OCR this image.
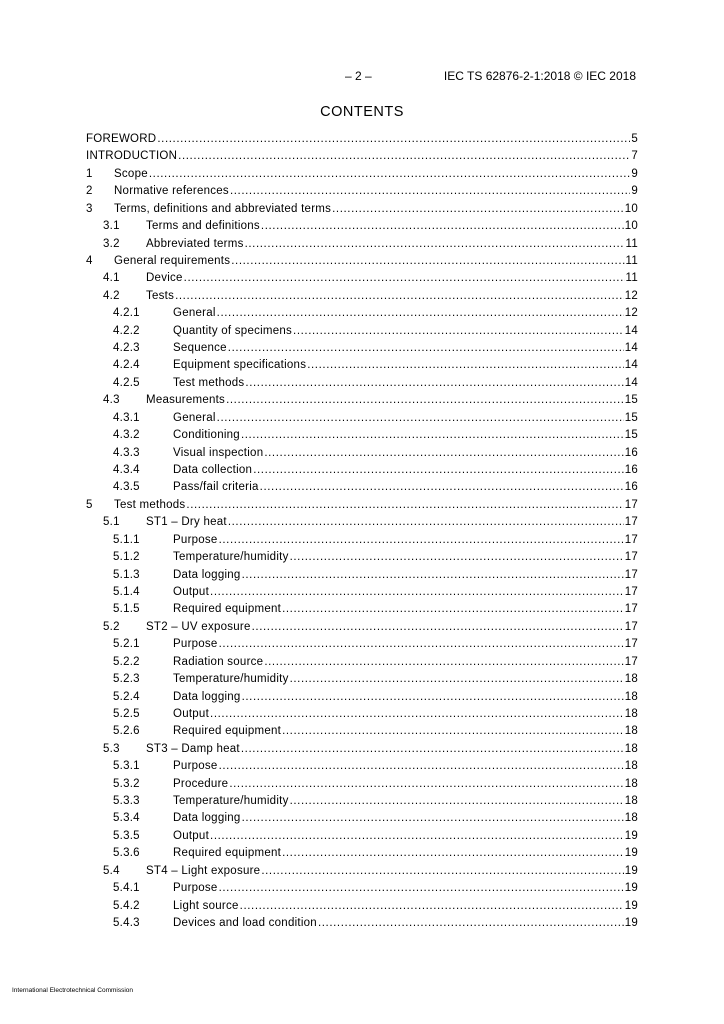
– 2 –	IEC TS 62876-2-1:2018 © IEC 2018
CONTENTS
FOREWORD .....	5
INTRODUCTION .....	7
1	Scope .....	9
2	Normative references .....	9
3	Terms, definitions and abbreviated terms .....	10
3.1	Terms and definitions .....	10
3.2	Abbreviated terms .....	11
4	General requirements .....	11
4.1	Device .....	11
4.2	Tests .....	12
4.2.1	General .....	12
4.2.2	Quantity of specimens .....	14
4.2.3	Sequence .....	14
4.2.4	Equipment specifications .....	14
4.2.5	Test methods .....	14
4.3	Measurements .....	15
4.3.1	General .....	15
4.3.2	Conditioning .....	15
4.3.3	Visual inspection .....	16
4.3.4	Data collection .....	16
4.3.5	Pass/fail criteria .....	16
5	Test methods .....	17
5.1	ST1 – Dry heat .....	17
5.1.1	Purpose .....	17
5.1.2	Temperature/humidity .....	17
5.1.3	Data logging .....	17
5.1.4	Output .....	17
5.1.5	Required equipment .....	17
5.2	ST2 – UV exposure .....	17
5.2.1	Purpose .....	17
5.2.2	Radiation source .....	17
5.2.3	Temperature/humidity .....	18
5.2.4	Data logging .....	18
5.2.5	Output .....	18
5.2.6	Required equipment .....	18
5.3	ST3 – Damp heat .....	18
5.3.1	Purpose .....	18
5.3.2	Procedure .....	18
5.3.3	Temperature/humidity .....	18
5.3.4	Data logging .....	18
5.3.5	Output .....	19
5.3.6	Required equipment .....	19
5.4	ST4 – Light exposure .....	19
5.4.1	Purpose .....	19
5.4.2	Light source .....	19
5.4.3	Devices and load condition .....	19
International Electrotechnical Commission
